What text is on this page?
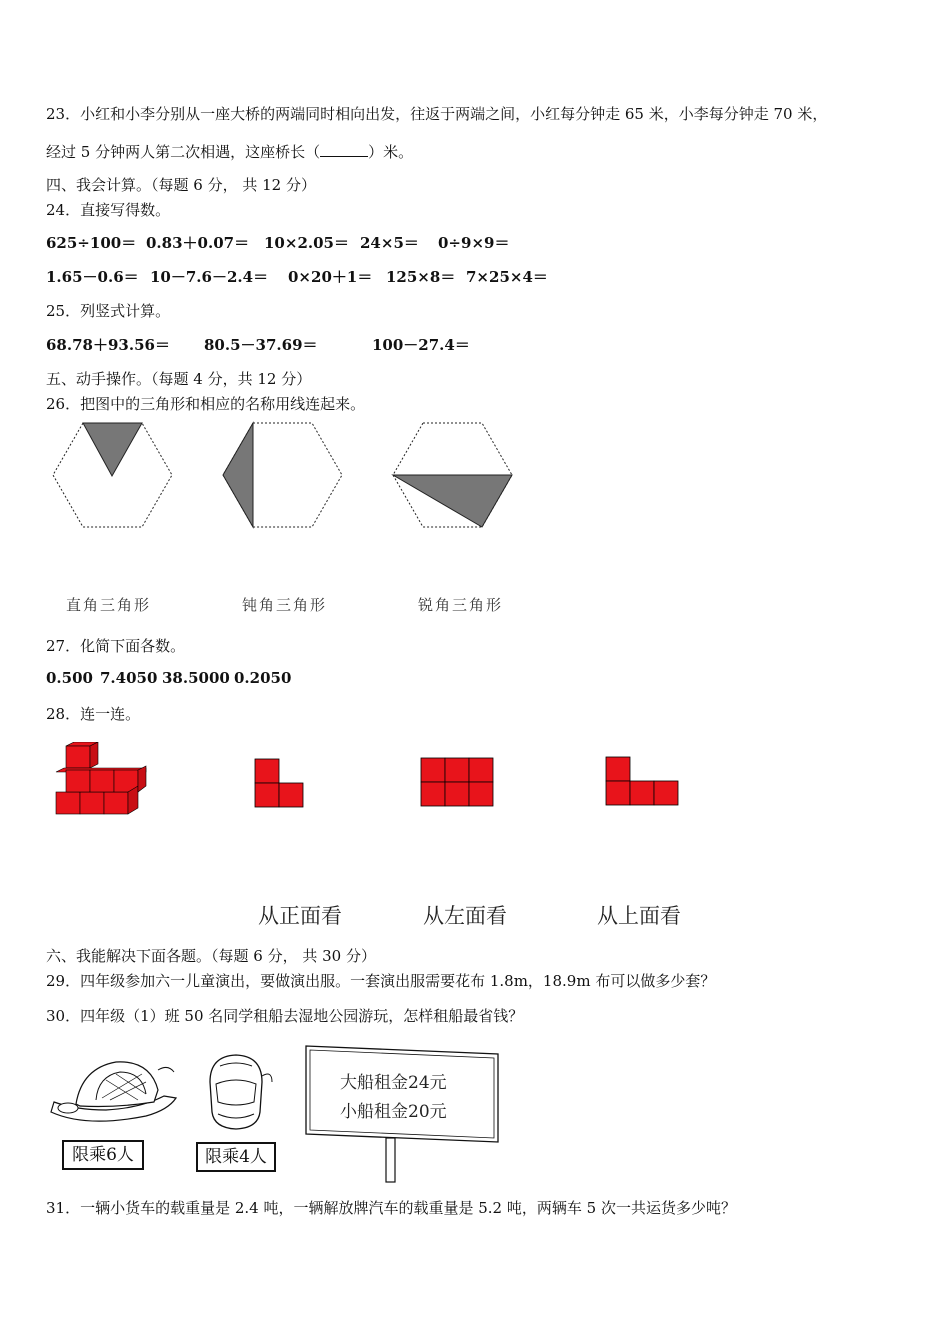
23．小红和小李分别从一座大桥的两端同时相向出发，往返于两端之间，小红每分钟走 65 米，小李每分钟走 70 米，
经过 5 分钟两人第二次相遇，这座桥长（	）米。
四、我会计算。（每题 6 分， 共 12 分）
24．直接写得数。
625÷100＝ 0.83＋0.07＝ 10×2.05＝ 24×5＝ 0÷9×9＝
1.65－0.6＝ 10－7.6－2.4＝ 0×20＋1＝ 125×8＝ 7×25×4＝
25．列竖式计算。
68.78＋93.56＝ 80.5－37.69＝	100－27.4＝
五、动手操作。（每题 4 分，共 12 分）
26．把图中的三角形和相应的名称用线连起来。
直角三角形	钝角三角形	锐角三角形
27．化简下面各数。
0.500 7.4050 38.5000 0.2050
28．连一连。
从正面看	从左面看	从上面看
六、我能解决下面各题。（每题 6 分， 共 30 分）
29．四年级参加六一儿童演出，要做演出服。一套演出服需要花布 1.8m，18.9m 布可以做多少套？
30．四年级（1）班 50 名同学租船去湿地公园游玩，怎样租船最省钱？
限乘6人	限乘4人
大船租金24元
小船租金20元
31．一辆小货车的载重量是 2.4 吨，一辆解放牌汽车的载重量是 5.2 吨，两辆车 5 次一共运货多少吨？
